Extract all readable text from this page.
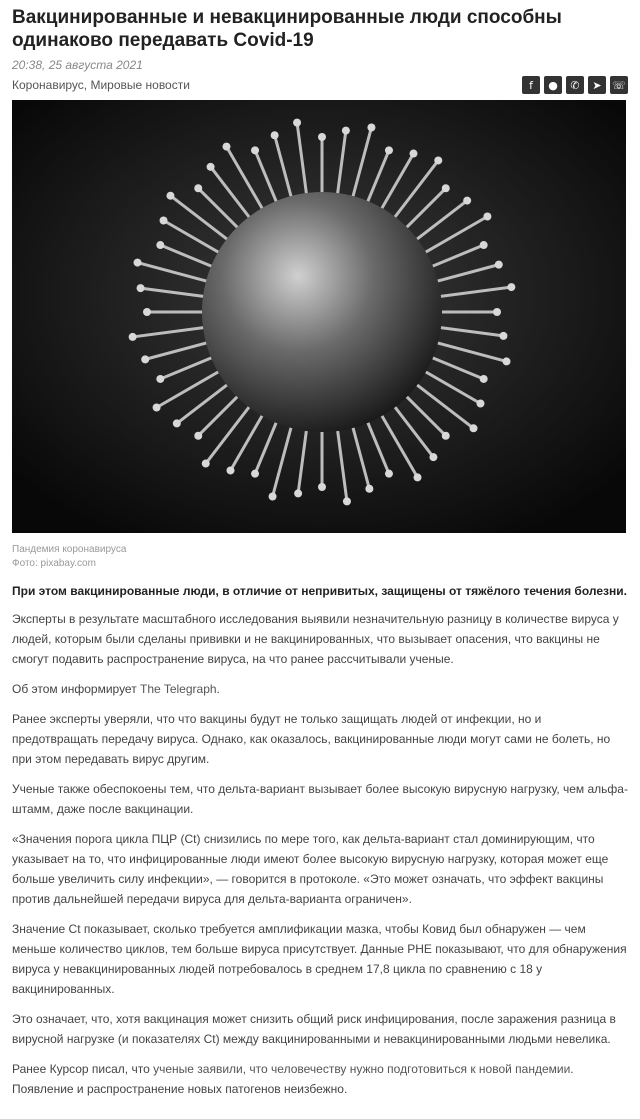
Вакцинированные и невакцинированные люди способны одинаково передавать Covid-19
20:38, 25 августа 2021
Коронавирус, Мировые новости	f	●	✆	➤ ☏
Пандемия коронавируса
Фото: pixabay.com
При этом вакцинированные люди, в отличие от непривитых, защищены от тяжёлого течения болезни.

Эксперты в результате масштабного исследования выявили незначительную разницу в количестве вируса у людей, которым были сделаны прививки и не вакцинированных, что вызывает опасения, что вакцины не смогут подавить распространение вируса, на что ранее рассчитывали ученые.

Об этом информирует The Telegraph.

Ранее эксперты уверяли, что что вакцины будут не только защищать людей от инфекции, но и предотвращать передачу вируса. Однако, как оказалось, вакцинированные люди могут сами не болеть, но при этом передавать вирус другим.

Ученые также обеспокоены тем, что дельта-вариант вызывает более высокую вирусную нагрузку, чем альфа-штамм, даже после вакцинации.

«Значения порога цикла ПЦР (Ct) снизились по мере того, как дельта-вариант стал доминирующим, что указывает на то, что инфицированные люди имеют более высокую вирусную нагрузку, которая может еще больше увеличить силу инфекции», — говорится в протоколе. «Это может означать, что эффект вакцины против дальнейшей передачи вируса для дельта-варианта ограничен».

Значение Ct показывает, сколько требуется амплификации мазка, чтобы Ковид был обнаружен — чем меньше количество циклов, тем больше вируса присутствует. Данные PHE показывают, что для обнаружения вируса у невакцинированных людей потребовалось в среднем 17,8 цикла по сравнению с 18 у вакцинированных.

Это означает, что, хотя вакцинация может снизить общий риск инфицирования, после заражения разница в вирусной нагрузке (и показателях Ct) между вакцинированными и невакцинированными людьми невелика.

Ранее Курсор писал, что ученые заявили, что человечеству нужно подготовиться к новой пандемии. Появление и распространение новых патогенов неизбежно.
